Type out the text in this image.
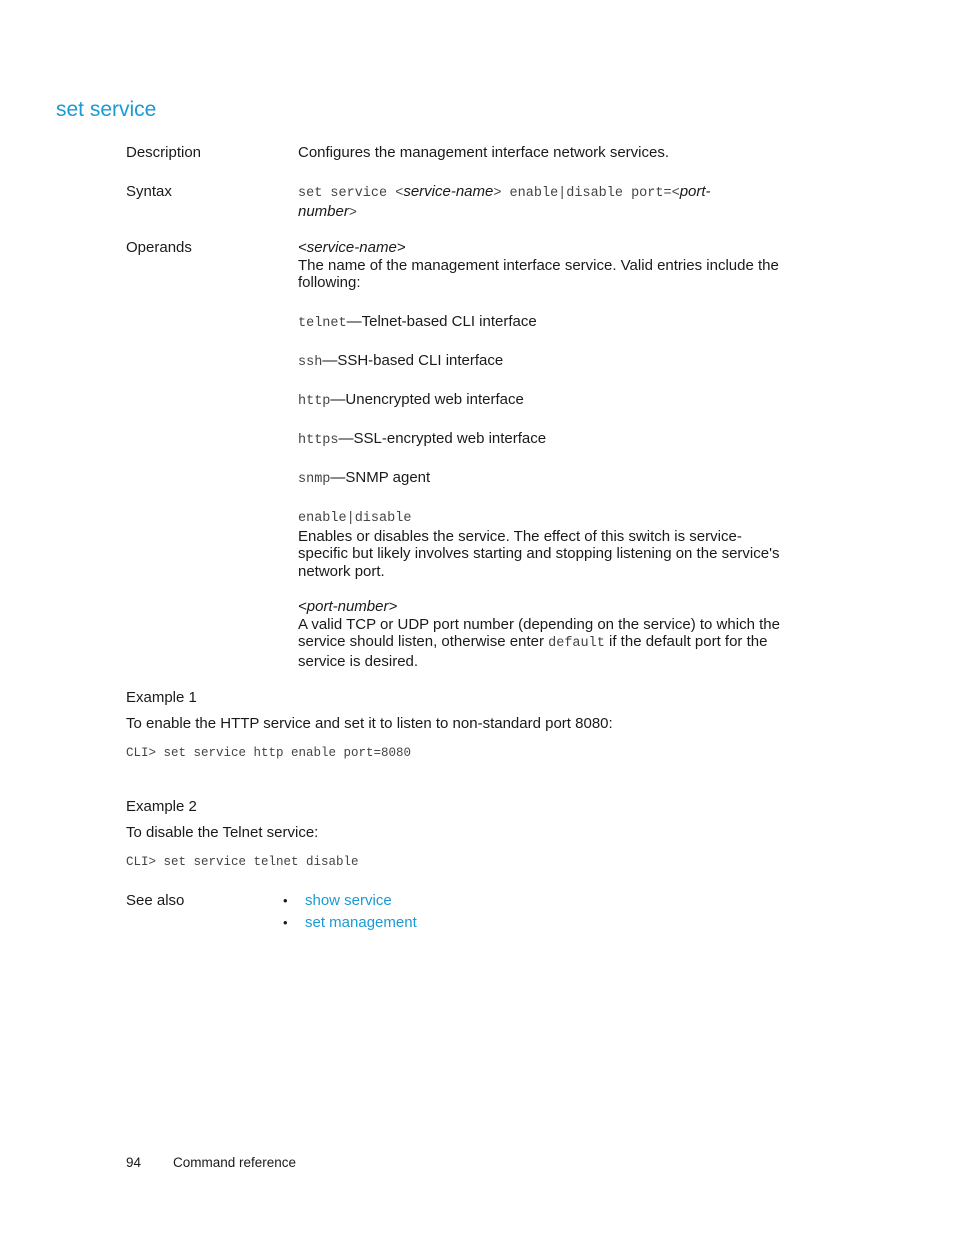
set service
Description	Configures the management interface network services.
Syntax	set service <service-name> enable|disable port=<port-
number>
Operands	<service-name>
The name of the management interface service. Valid entries include the following:
telnet—Telnet-based CLI interface
ssh—SSH-based CLI interface
http—Unencrypted web interface
https—SSL-encrypted web interface
snmp—SNMP agent
enable|disable
Enables or disables the service. The effect of this switch is service-specific but likely involves starting and stopping listening on the service's network port.
<port-number>
A valid TCP or UDP port number (depending on the service) to which the service should listen, otherwise enter default if the default port for the service is desired.
Example 1
To enable the HTTP service and set it to listen to non-standard port 8080:
CLI> set service http enable port=8080
Example 2
To disable the Telnet service:
CLI> set service telnet disable
See also	• show service
• set management
94 Command reference
